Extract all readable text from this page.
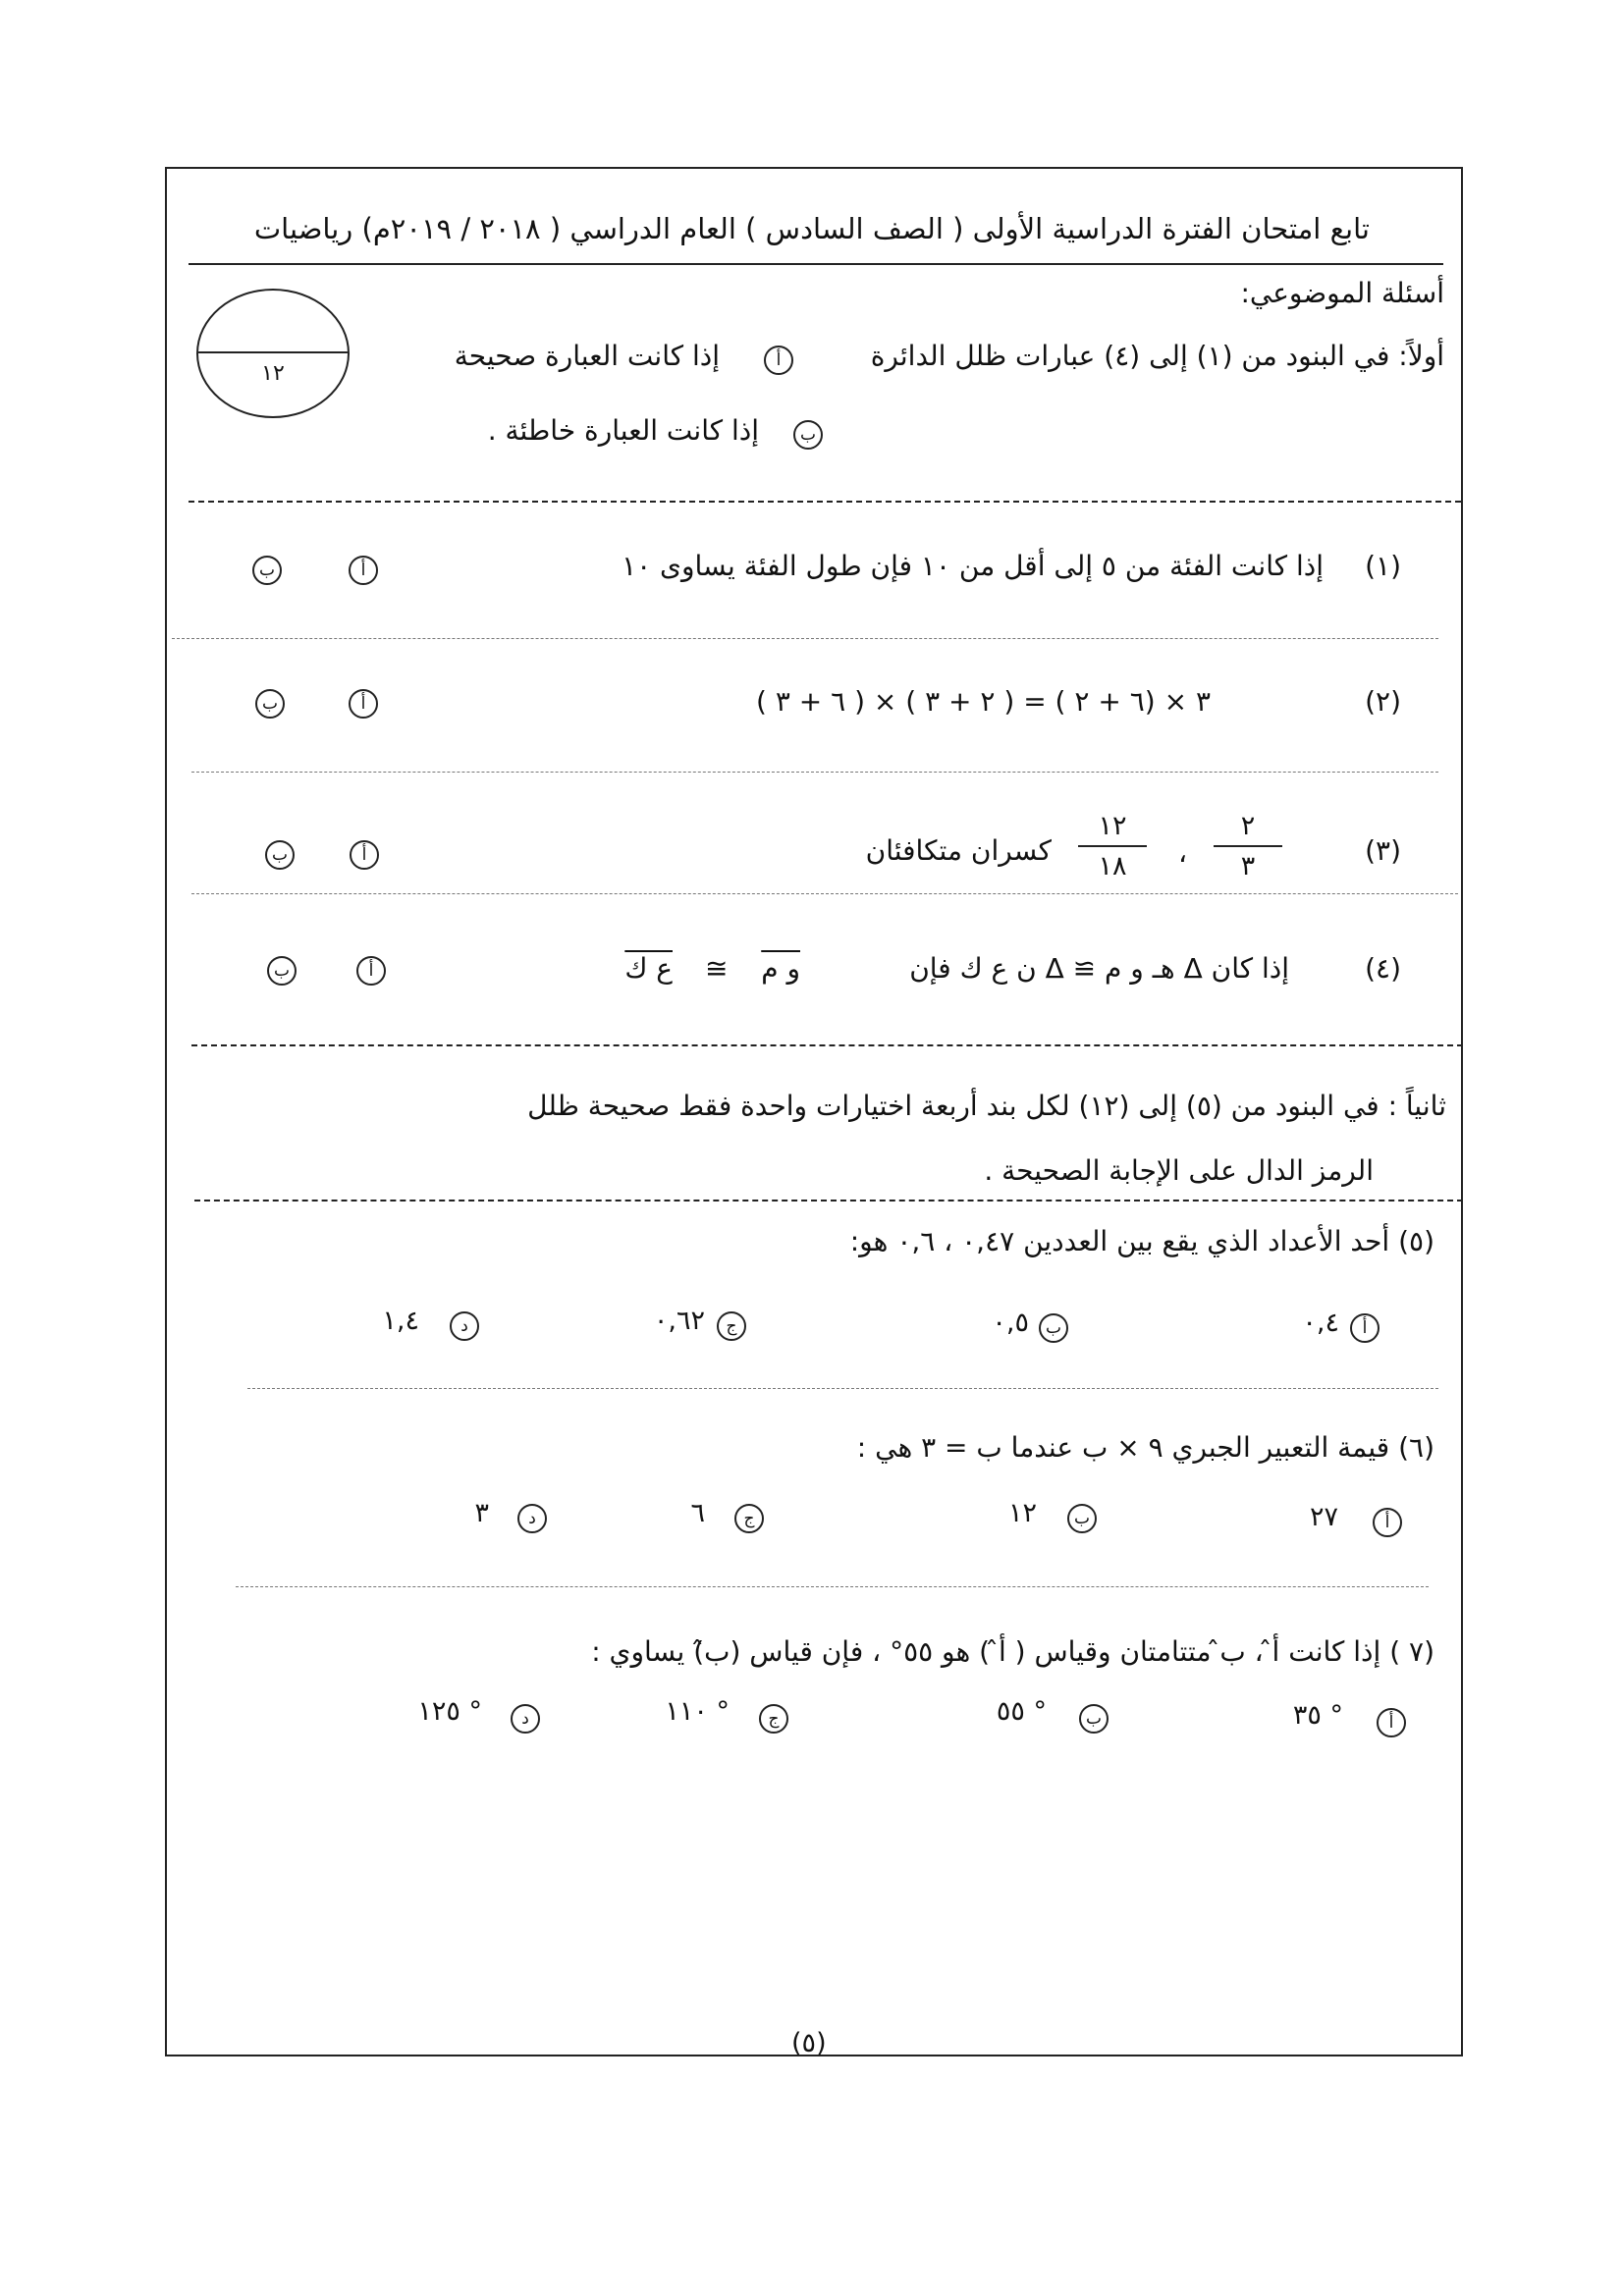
تابع امتحان الفترة الدراسية الأولى ( الصف السادس ) العام الدراسي ( ٢٠١٨ / ٢٠١٩م) رياضيات
أسئلة الموضوعي:
١٢
أولاً: في البنود من (١) إلى (٤) عبارات ظلل الدائرة
أ
إذا كانت العبارة صحيحة
ب
إذا كانت العبارة خاطئة .
(١)
إذا كانت الفئة من ٥ إلى أقل من ١٠ فإن طول الفئة يساوى ١٠
أ
ب
(٢)
( ٦ + ٣ ) × ( ٢ + ٣ ) = ( ٦ + ٢) × ٣
أ
ب
(٣)
٢
٣
،
١٢
١٨
كسران متكافئان
أ
ب
(٤)
إذا كان Δ هـ و م ≅ Δ ن ع ك فإن
و م
≅
ع ك
أ
ب
ثانياً : في البنود من (٥) إلى (١٢) لكل بند أربعة اختيارات واحدة فقط صحيحة ظلل
الرمز الدال على الإجابة الصحيحة .
(٥) أحد الأعداد الذي يقع بين العددين ٠,٤٧ ، ٠,٦ هو:
أ
٠,٤
ب
٠,٥
ج
٠,٦٢
د
١,٤
(٦) قيمة التعبير الجبري ٩ × ب عندما ب = ٣ هي :
أ
٢٧
ب
١٢
ج
٦
د
٣
(٧ ) إذا كانت أ̂ ، ب̂ متتامتان وقياس ( أ̂ ) هو ٥٥° ، فإن قياس (ب̂) يساوي :
أ
٣٥ °
ب
٥٥ °
ج
١١٠ °
د
١٢٥ °
(٥)
